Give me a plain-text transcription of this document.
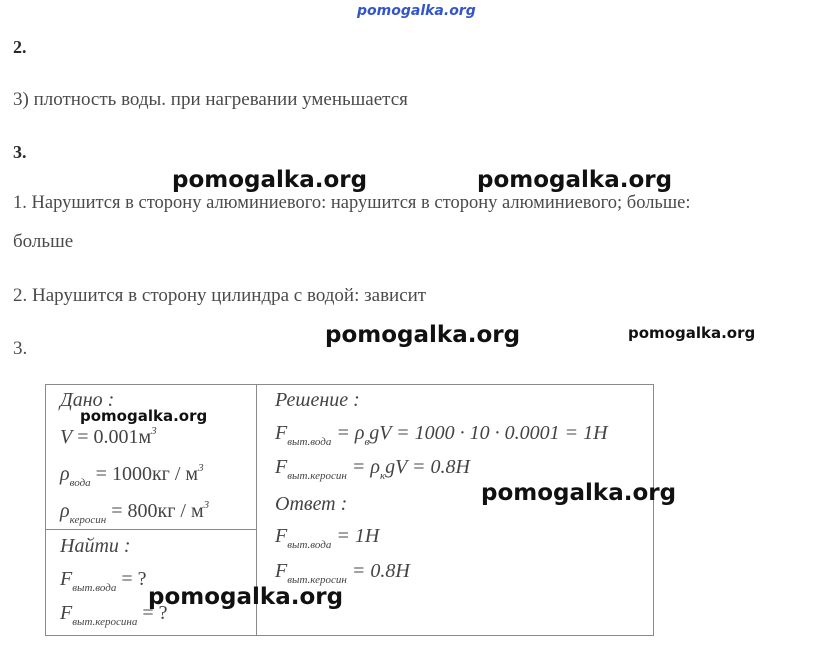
pomogalka.org
2.
3) плотность воды. при нагревании уменьшается
3.
pomogalka.org	pomogalka.org
1. Нарушится в сторону алюминиевого: нарушится в сторону алюминиевого; больше:
больше
2. Нарушится в сторону цилиндра с водой: зависит
pomogalka.org	pomogalka.org
3.
Дано :
$V = 0.001м^3$
$\rho_{вода} = 1000кг / м^3$
$\rho_{керосин} = 800кг / м^3$
Найти :
$F_{выт.вода}$ = ?
$F_{выт.керосина}$ = ?
Решение :
$F_{выт.вода} = \rho_вgV = 1000 \cdot 10 \cdot 0.0001 = 1H$
$F_{выт.керосин} = \rho_кgV = 0.8H$
Ответ :
$F_{выт.вода} = 1H$
$F_{выт.керосин} = 0.8H$
pomogalka.org
pomogalka.org
pomogalka.org
